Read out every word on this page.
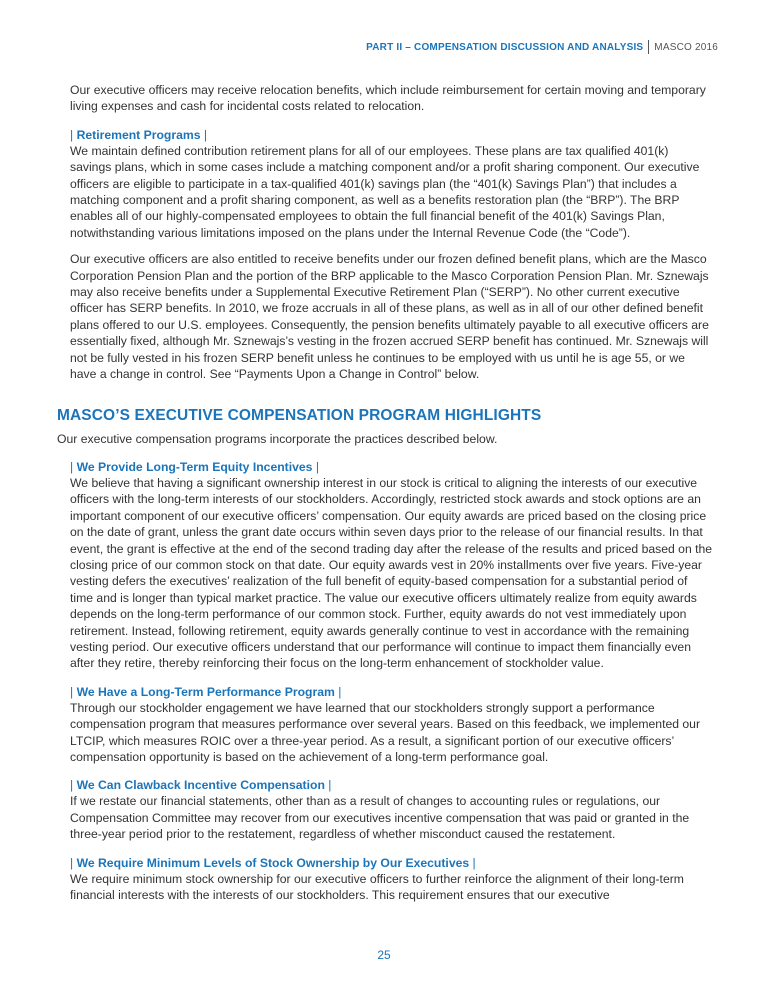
PART II – COMPENSATION DISCUSSION AND ANALYSIS MASCO 2016

Our executive officers may receive relocation benefits, which include reimbursement for certain moving and temporary living expenses and cash for incidental costs related to relocation.

| Retirement Programs |

We maintain defined contribution retirement plans for all of our employees. These plans are tax qualified 401(k) savings plans, which in some cases include a matching component and/or a profit sharing component. Our executive officers are eligible to participate in a tax-qualified 401(k) savings plan (the “401(k) Savings Plan”) that includes a matching component and a profit sharing component, as well as a benefits restoration plan (the “BRP”). The BRP enables all of our highly-compensated employees to obtain the full financial benefit of the 401(k) Savings Plan, notwithstanding various limitations imposed on the plans under the Internal Revenue Code (the “Code”).

Our executive officers are also entitled to receive benefits under our frozen defined benefit plans, which are the Masco Corporation Pension Plan and the portion of the BRP applicable to the Masco Corporation Pension Plan. Mr. Sznewajs may also receive benefits under a Supplemental Executive Retirement Plan (“SERP”). No other current executive officer has SERP benefits. In 2010, we froze accruals in all of these plans, as well as in all of our other defined benefit plans offered to our U.S. employees. Consequently, the pension benefits ultimately payable to all executive officers are essentially fixed, although Mr. Sznewajs’s vesting in the frozen accrued SERP benefit has continued. Mr. Sznewajs will not be fully vested in his frozen SERP benefit unless he continues to be employed with us until he is age 55, or we have a change in control. See “Payments Upon a Change in Control” below.

MASCO’S EXECUTIVE COMPENSATION PROGRAM HIGHLIGHTS

Our executive compensation programs incorporate the practices described below.

| We Provide Long-Term Equity Incentives |

We believe that having a significant ownership interest in our stock is critical to aligning the interests of our executive officers with the long-term interests of our stockholders. Accordingly, restricted stock awards and stock options are an important component of our executive officers’ compensation. Our equity awards are priced based on the closing price on the date of grant, unless the grant date occurs within seven days prior to the release of our financial results. In that event, the grant is effective at the end of the second trading day after the release of the results and priced based on the closing price of our common stock on that date. Our equity awards vest in 20% installments over five years. Five-year vesting defers the executives’ realization of the full benefit of equity-based compensation for a substantial period of time and is longer than typical market practice. The value our executive officers ultimately realize from equity awards depends on the long-term performance of our common stock. Further, equity awards do not vest immediately upon retirement. Instead, following retirement, equity awards generally continue to vest in accordance with the remaining vesting period. Our executive officers understand that our performance will continue to impact them financially even after they retire, thereby reinforcing their focus on the long-term enhancement of stockholder value.

| We Have a Long-Term Performance Program |

Through our stockholder engagement we have learned that our stockholders strongly support a performance compensation program that measures performance over several years. Based on this feedback, we implemented our LTCIP, which measures ROIC over a three-year period. As a result, a significant portion of our executive officers’ compensation opportunity is based on the achievement of a long-term performance goal.

| We Can Clawback Incentive Compensation |

If we restate our financial statements, other than as a result of changes to accounting rules or regulations, our Compensation Committee may recover from our executives incentive compensation that was paid or granted in the three-year period prior to the restatement, regardless of whether misconduct caused the restatement.

| We Require Minimum Levels of Stock Ownership by Our Executives |

We require minimum stock ownership for our executive officers to further reinforce the alignment of their long-term financial interests with the interests of our stockholders. This requirement ensures that our executive

25
